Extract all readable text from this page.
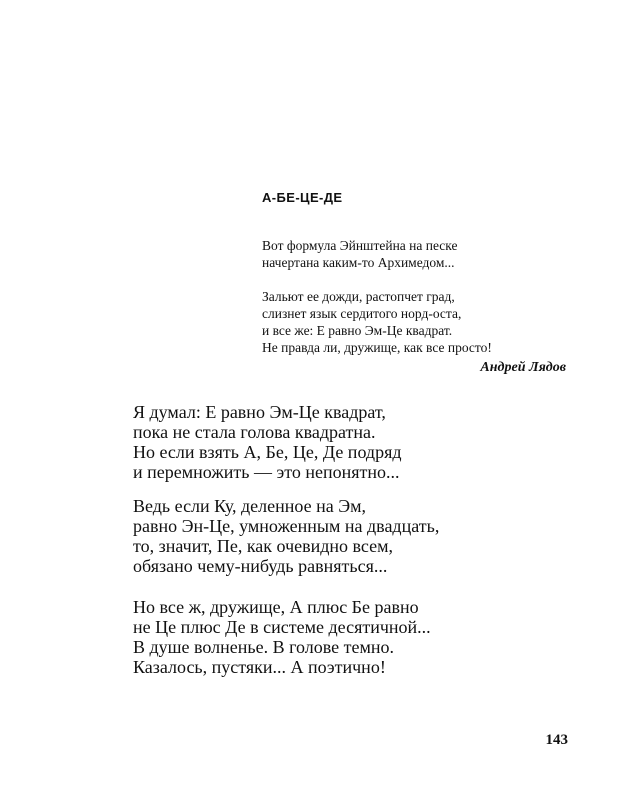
А-БЕ-ЦЕ-ДЕ
Вот формула Эйнштейна на песке
начертана каким-то Архимедом...
Зальют ее дожди, растопчет град,
слизнет язык сердитого норд-оста,
и все же: Е равно Эм-Це квадрат.
Не правда ли, дружище, как все просто!

Андрей Лядов

Я думал: Е равно Эм-Це квадрат,
пока не стала голова квадратна.
Но если взять А, Бе, Це, Де подряд
и перемножить — это непонятно...
Ведь если Ку, деленное на Эм,
равно Эн-Це, умноженным на двадцать,
то, значит, Пе, как очевидно всем,
обязано чему-нибудь равняться...
Но все ж, дружище, А плюс Бе равно
не Це плюс Де в системе десятичной...
В душе волненье. В голове темно.
Казалось, пустяки... А поэтично!

143
